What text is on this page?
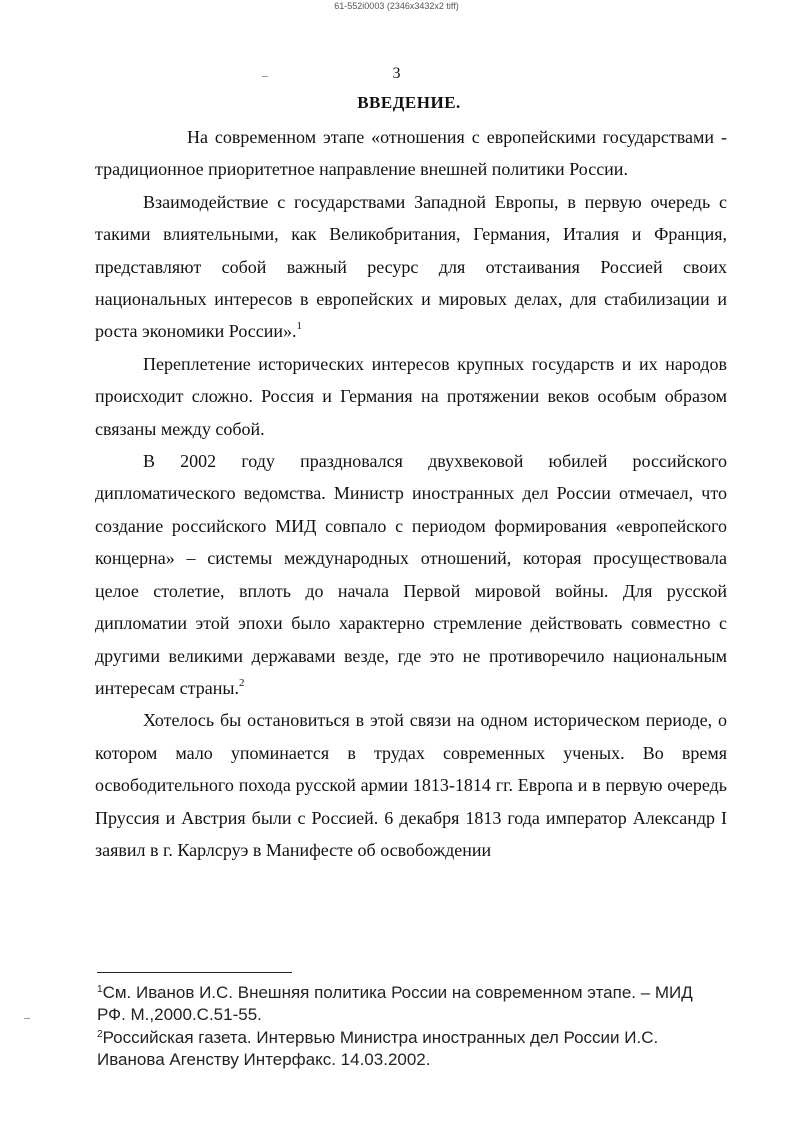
61-552i0003 (2346x3432x2 tiff)
3
ВВЕДЕНИЕ.

На современном этапе «отношения с европейскими государствами - традиционное приоритетное направление внешней политики России.

Взаимодействие с государствами Западной Европы, в первую очередь с такими влиятельными, как Великобритания, Германия, Италия и Франция, представляют собой важный ресурс для отстаивания Россией своих национальных интересов в европейских и мировых делах, для стабилизации и роста экономики России».$^1$

Переплетение исторических интересов крупных государств и их народов происходит сложно. Россия и Германия на протяжении веков особым образом связаны между собой.

В 2002 году праздновался двухвековой юбилей российского дипломатического ведомства. Министр иностранных дел России отмечаел, что создание российского МИД совпало с периодом формирования «европейского концерна» – системы международных отношений, которая просуществовала целое столетие, вплоть до начала Первой мировой войны. Для русской дипломатии этой эпохи было характерно стремление действовать совместно с другими великими державами везде, где это не противоречило национальным интересам страны.$^2$

Хотелось бы остановиться в этой связи на одном историческом периоде, о котором мало упоминается в трудах современных ученых. Во время освободительного похода русской армии 1813-1814 гг. Европа и в первую очередь Пруссия и Австрия были с Россией. 6 декабря 1813 года император Александр I заявил в г. Карлсруэ в Манифесте об освобождении

$^1$См. Иванов И.С. Внешняя политика России на современном этапе. – МИД РФ. М.,2000.С.51-55.

$^2$Российская газета. Интервью Министра иностранных дел России И.С. Иванова Агенству Интерфакс. 14.03.2002.
